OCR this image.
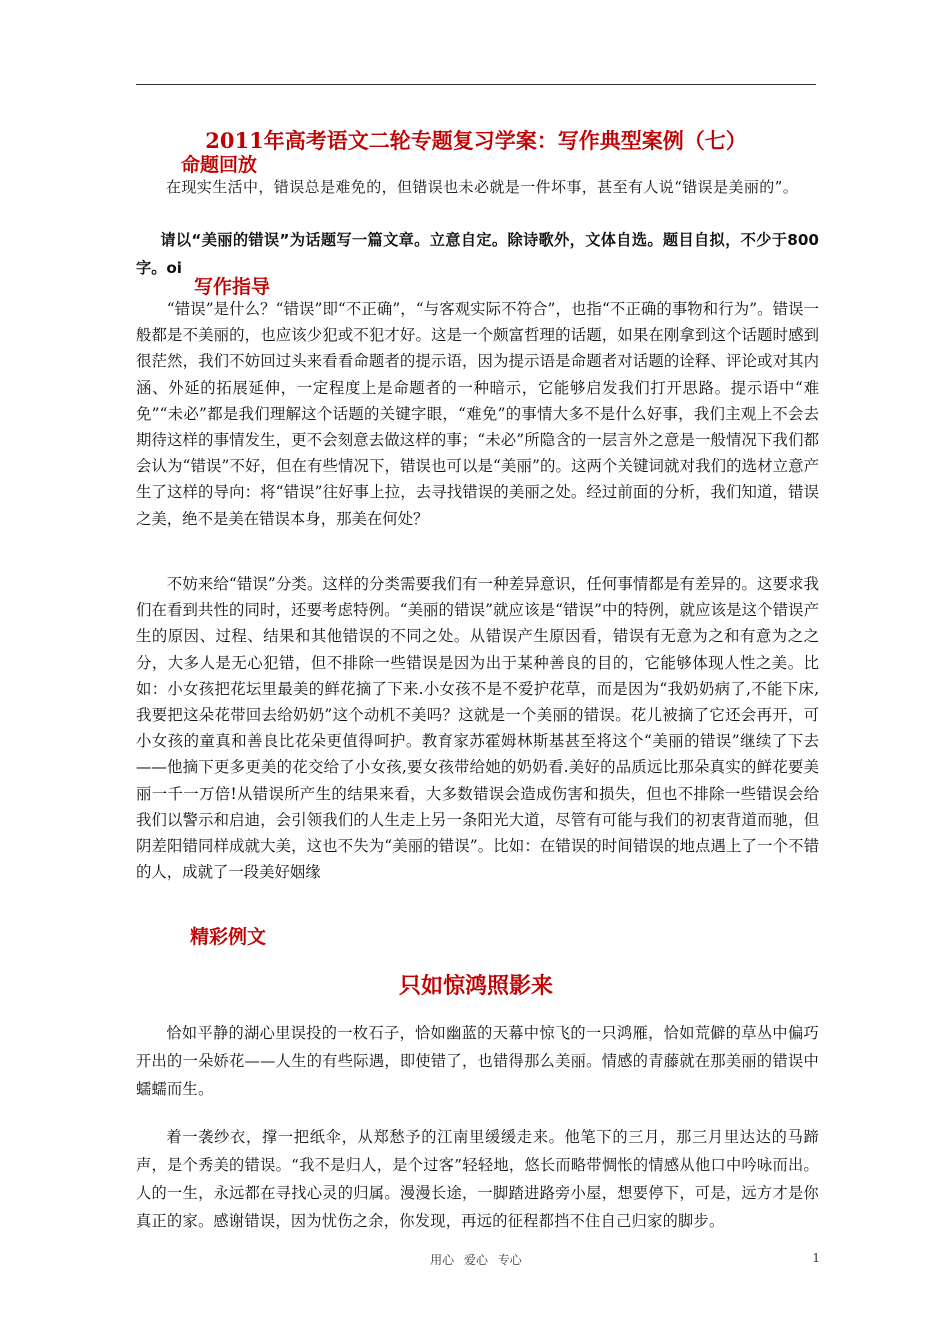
2011年高考语文二轮专题复习学案：写作典型案例（七）
命题回放

在现实生活中，错误总是难免的，但错误也未必就是一件坏事，甚至有人说“错误是美丽的”。

请以“美丽的错误”为话题写一篇文章。立意自定。除诗歌外，文体自选。题目自拟，不少于800字。oi

写作指导

“错误”是什么？“错误”即“不正确”，“与客观实际不符合”，也指“不正确的事物和行为”。错误一般都是不美丽的，也应该少犯或不犯才好。这是一个颇富哲理的话题，如果在刚拿到这个话题时感到很茫然，我们不妨回过头来看看命题者的提示语，因为提示语是命题者对话题的诠释、评论或对其内涵、外延的拓展延伸，一定程度上是命题者的一种暗示，它能够启发我们打开思路。提示语中“难免”“未必”都是我们理解这个话题的关键字眼，“难免”的事情大多不是什么好事，我们主观上不会去期待这样的事情发生，更不会刻意去做这样的事；“未必”所隐含的一层言外之意是一般情况下我们都会认为“错误”不好，但在有些情况下，错误也可以是“美丽”的。这两个关键词就对我们的选材立意产生了这样的导向：将“错误”往好事上拉，去寻找错误的美丽之处。经过前面的分析，我们知道，错误之美，绝不是美在错误本身，那美在何处？

不妨来给“错误”分类。这样的分类需要我们有一种差异意识，任何事情都是有差异的。这要求我们在看到共性的同时，还要考虑特例。“美丽的错误”就应该是“错误”中的特例，就应该是这个错误产生的原因、过程、结果和其他错误的不同之处。从错误产生原因看，错误有无意为之和有意为之之分，大多人是无心犯错，但不排除一些错误是因为出于某种善良的目的，它能够体现人性之美。比如：小女孩把花坛里最美的鲜花摘了下来.小女孩不是不爱护花草，而是因为“我奶奶病了,不能下床,我要把这朵花带回去给奶奶”这个动机不美吗？这就是一个美丽的错误。花儿被摘了它还会再开，可小女孩的童真和善良比花朵更值得呵护。教育家苏霍姆林斯基甚至将这个“美丽的错误”继续了下去——他摘下更多更美的花交给了小女孩,要女孩带给她的奶奶看.美好的品质远比那朵真实的鲜花要美丽一千一万倍!从错误所产生的结果来看，大多数错误会造成伤害和损失，但也不排除一些错误会给我们以警示和启迪，会引领我们的人生走上另一条阳光大道，尽管有可能与我们的初衷背道而驰，但阴差阳错同样成就大美，这也不失为“美丽的错误”。比如：在错误的时间错误的地点遇上了一个不错的人，成就了一段美好姻缘

精彩例文
只如惊鸿照影来

恰如平静的湖心里误投的一枚石子，恰如幽蓝的天幕中惊飞的一只鸿雁，恰如荒僻的草丛中偏巧开出的一朵娇花——人生的有些际遇，即使错了，也错得那么美丽。情感的青藤就在那美丽的错误中蠕蠕而生。

着一袭纱衣，撑一把纸伞，从郑愁予的江南里缓缓走来。他笔下的三月，那三月里达达的马蹄声，是个秀美的错误。“我不是归人，是个过客”轻轻地，悠长而略带惆怅的情感从他口中吟咏而出。人的一生，永远都在寻找心灵的归属。漫漫长途，一脚踏进路旁小屋，想要停下，可是，远方才是你真正的家。感谢错误，因为忧伤之余，你发现，再远的征程都挡不住自己归家的脚步。

用心 爱心 专心	1
